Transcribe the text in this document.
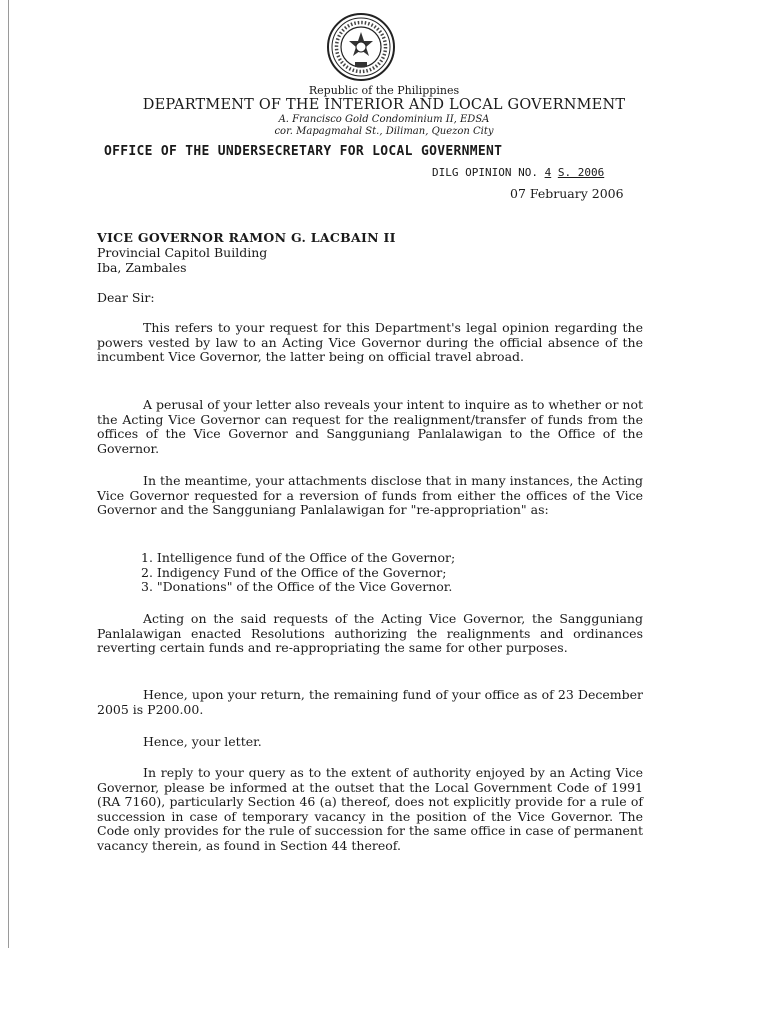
Republic of the Philippines
DEPARTMENT OF THE INTERIOR AND LOCAL GOVERNMENT
A. Francisco Gold Condominium II, EDSA
cor. Mapagmahal St., Diliman, Quezon City
OFFICE OF THE UNDERSECRETARY FOR LOCAL GOVERNMENT
DILG OPINION NO. 4 S. 2006
07 February 2006
VICE GOVERNOR RAMON G. LACBAIN II
Provincial Capitol Building
Iba, Zambales
Dear Sir:
This refers to your request for this Department's legal opinion regarding the powers vested by law to an Acting Vice Governor during the official absence of the incumbent Vice Governor, the latter being on official travel abroad.
A perusal of your letter also reveals your intent to inquire as to whether or not the Acting Vice Governor can request for the realignment/transfer of funds from the offices of the Vice Governor and Sangguniang Panlalawigan to the Office of the Governor.
In the meantime, your attachments disclose that in many instances, the Acting Vice Governor requested for a reversion of funds from either the offices of the Vice Governor and the Sangguniang Panlalawigan for "re-appropriation" as:
1. Intelligence fund of the Office of the Governor;
2. Indigency Fund of the Office of the Governor;
3. "Donations" of the Office of the Vice Governor.
Acting on the said requests of the Acting Vice Governor, the Sangguniang Panlalawigan enacted Resolutions authorizing the realignments and ordinances reverting certain funds and re-appropriating the same for other purposes.
Hence, upon your return, the remaining fund of your office as of 23 December 2005 is P200.00.
Hence, your letter.
In reply to your query as to the extent of authority enjoyed by an Acting Vice Governor, please be informed at the outset that the Local Government Code of 1991 (RA 7160), particularly Section 46 (a) thereof, does not explicitly provide for a rule of succession in case of temporary vacancy in the position of the Vice Governor. The Code only provides for the rule of succession for the same office in case of permanent vacancy therein, as found in Section 44 thereof.
